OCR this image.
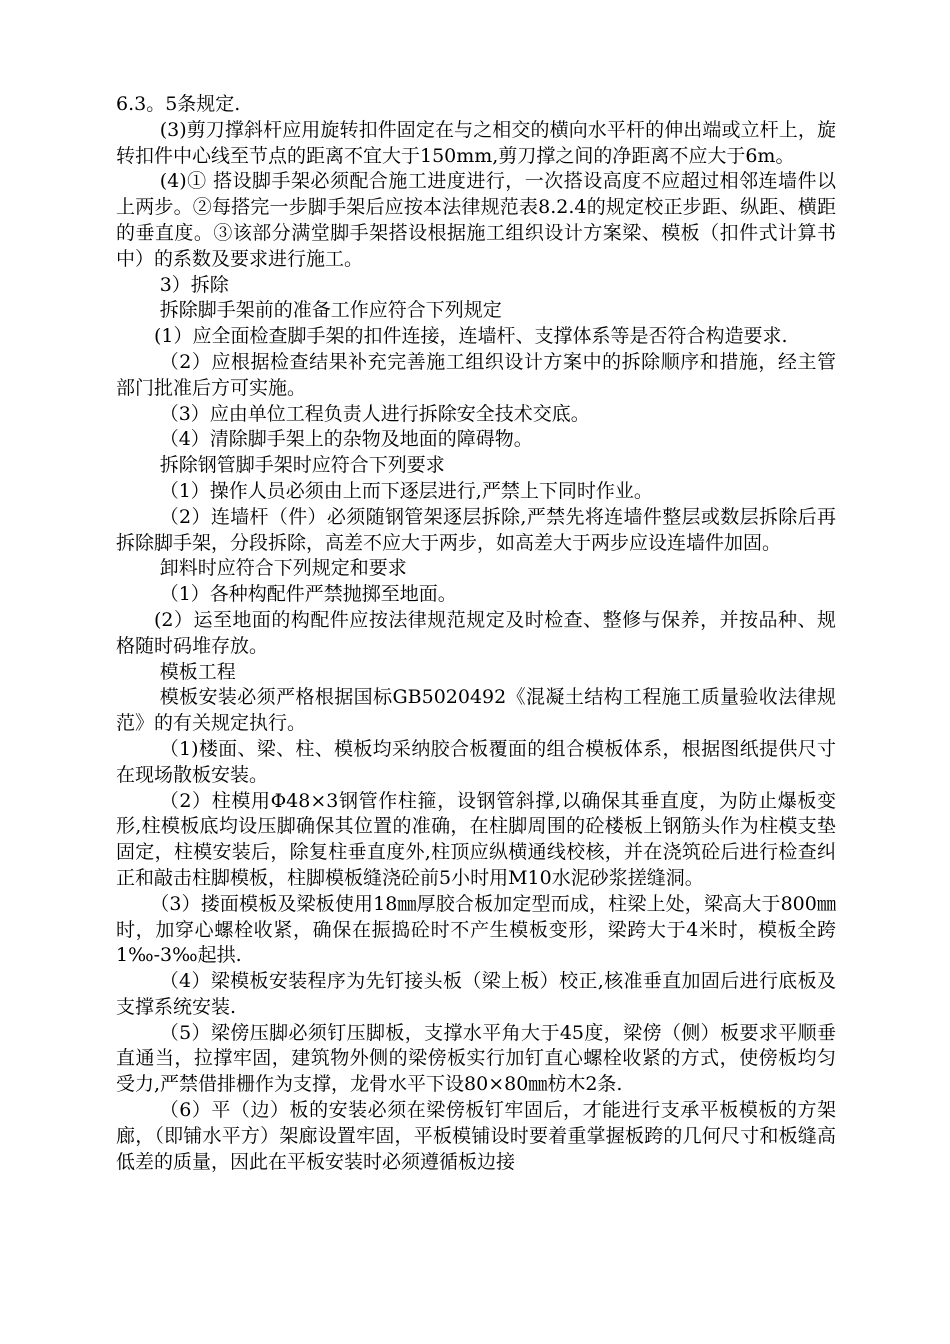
6.3。5条规定.

(3)剪刀撑斜杆应用旋转扣件固定在与之相交的横向水平杆的伸出端或立杆上，旋转扣件中心线至节点的距离不宜大于150mm,剪刀撑之间的净距离不应大于6m。

(4)① 搭设脚手架必须配合施工进度进行，一次搭设高度不应超过相邻连墙件以上两步。②每搭完一步脚手架后应按本法律规范表8.2.4的规定校正步距、纵距、横距的垂直度。③该部分满堂脚手架搭设根据施工组织设计方案梁、模板（扣件式计算书中）的系数及要求进行施工。

3）拆除

拆除脚手架前的准备工作应符合下列规定

(1）应全面检查脚手架的扣件连接，连墙杆、支撑体系等是否符合构造要求.

（2）应根据检查结果补充完善施工组织设计方案中的拆除顺序和措施，经主管部门批准后方可实施。

（3）应由单位工程负责人进行拆除安全技术交底。

（4）清除脚手架上的杂物及地面的障碍物。

拆除钢管脚手架时应符合下列要求

（1）操作人员必须由上而下逐层进行,严禁上下同时作业。

（2）连墙杆（件）必须随钢管架逐层拆除,严禁先将连墙件整层或数层拆除后再拆除脚手架，分段拆除，高差不应大于两步，如高差大于两步应设连墙件加固。

卸料时应符合下列规定和要求

（1）各种构配件严禁抛掷至地面。

(2）运至地面的构配件应按法律规范规定及时检查、整修与保养，并按品种、规格随时码堆存放。

模板工程

模板安装必须严格根据国标GB5020492《混凝土结构工程施工质量验收法律规范》的有关规定执行。

（1)楼面、梁、柱、模板均采纳胶合板覆面的组合模板体系，根据图纸提供尺寸在现场散板安装。

（2）柱模用Φ48×3钢管作柱箍，设钢管斜撑,以确保其垂直度，为防止爆板变形,柱模板底均设压脚确保其位置的准确，在柱脚周围的砼楼板上钢筋头作为柱模支垫固定，柱模安装后，除复柱垂直度外,柱顶应纵横通线校核，并在浇筑砼后进行检查纠正和敲击柱脚模板，柱脚模板缝浇砼前5小时用M10水泥砂浆搓缝洞。

（3）搂面模板及梁板使用18㎜厚胶合板加定型而成，柱梁上处，梁高大于800㎜时，加穿心螺栓收紧，确保在振捣砼时不产生模板变形，梁跨大于4米时，模板全跨1‰-3‰起拱.

（4）梁模板安装程序为先钉接头板（梁上板）校正,核准垂直加固后进行底板及支撑系统安装.

（5）梁傍压脚必须钉压脚板，支撑水平角大于45度，梁傍（侧）板要求平顺垂直通当，拉撑牢固，建筑物外侧的梁傍板实行加钉直心螺栓收紧的方式，使傍板均匀受力,严禁借排栅作为支撑，龙骨水平下设80×80㎜枋木2条.

（6）平（边）板的安装必须在梁傍板钉牢固后，才能进行支承平板模板的方架廊，（即铺水平方）架廊设置牢固，平板模铺设时要着重掌握板跨的几何尺寸和板缝高低差的质量，因此在平板安装时必须遵循板边接
